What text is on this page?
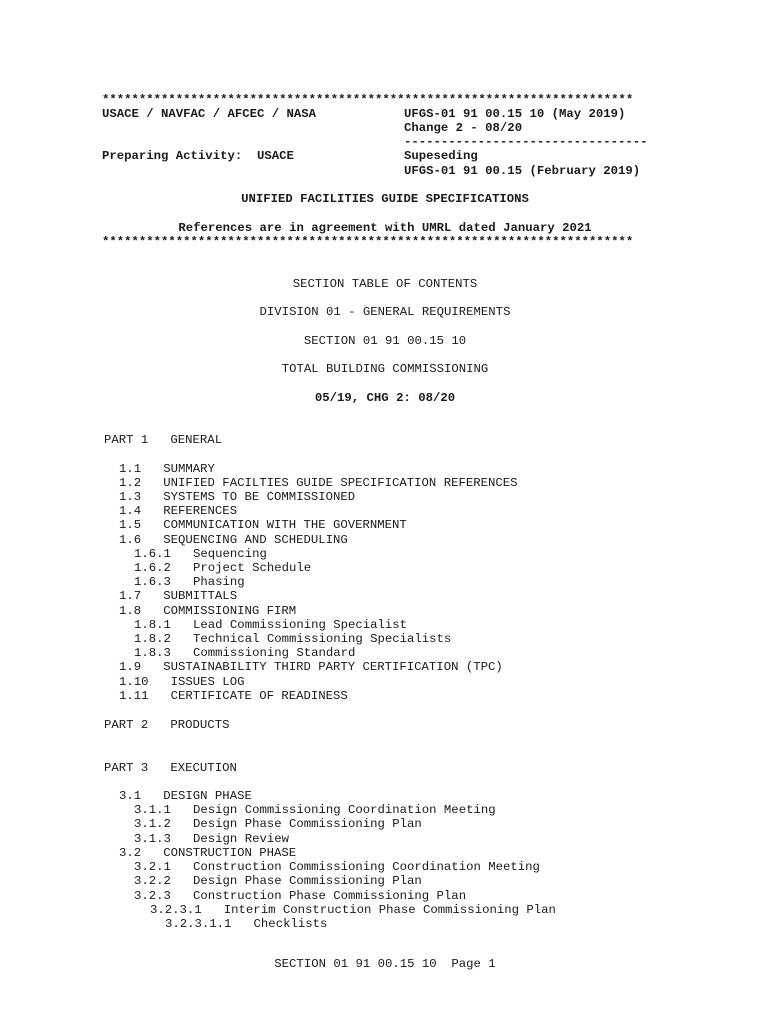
************************************************************************
USACE / NAVFAC / AFCEC / NASA	UFGS-01 91 00.15 10 (May 2019)
Change 2 - 08/20
---------------------------------
Preparing Activity:  USACE	Supeseding
UFGS-01 91 00.15 (February 2019)
UNIFIED FACILITIES GUIDE SPECIFICATIONS
References are in agreement with UMRL dated January 2021
************************************************************************
SECTION TABLE OF CONTENTS
DIVISION 01 - GENERAL REQUIREMENTS
SECTION 01 91 00.15 10
TOTAL BUILDING COMMISSIONING
05/19, CHG 2: 08/20
PART 1   GENERAL
1.1   SUMMARY
1.2   UNIFIED FACILTIES GUIDE SPECIFICATION REFERENCES
1.3   SYSTEMS TO BE COMMISSIONED
1.4   REFERENCES
1.5   COMMUNICATION WITH THE GOVERNMENT
1.6   SEQUENCING AND SCHEDULING
1.6.1   Sequencing
1.6.2   Project Schedule
1.6.3   Phasing
1.7   SUBMITTALS
1.8   COMMISSIONING FIRM
1.8.1   Lead Commissioning Specialist
1.8.2   Technical Commissioning Specialists
1.8.3   Commissioning Standard
1.9   SUSTAINABILITY THIRD PARTY CERTIFICATION (TPC)
1.10   ISSUES LOG
1.11   CERTIFICATE OF READINESS
PART 2   PRODUCTS
PART 3   EXECUTION
3.1   DESIGN PHASE
3.1.1   Design Commissioning Coordination Meeting
3.1.2   Design Phase Commissioning Plan
3.1.3   Design Review
3.2   CONSTRUCTION PHASE
3.2.1   Construction Commissioning Coordination Meeting
3.2.2   Design Phase Commissioning Plan
3.2.3   Construction Phase Commissioning Plan
3.2.3.1   Interim Construction Phase Commissioning Plan
3.2.3.1.1   Checklists
SECTION 01 91 00.15 10  Page 1
